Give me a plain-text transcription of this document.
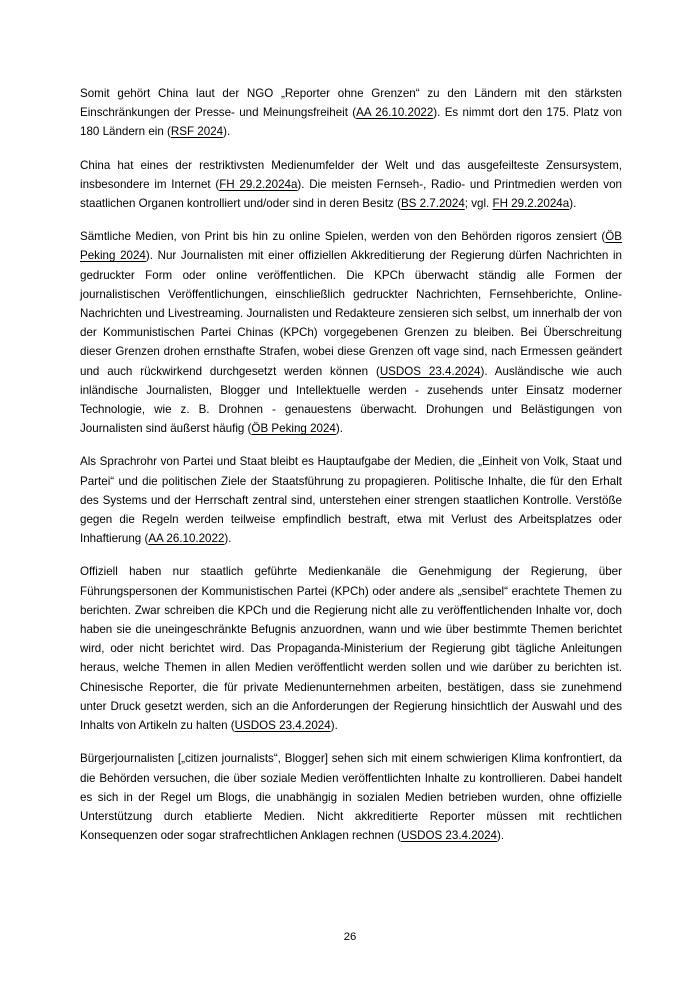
Somit gehört China laut der NGO „Reporter ohne Grenzen“ zu den Ländern mit den stärksten Einschränkungen der Presse- und Meinungsfreiheit (AA 26.10.2022). Es nimmt dort den 175. Platz von 180 Ländern ein (RSF 2024).

China hat eines der restriktivsten Medienumfelder der Welt und das ausgefeilteste Zensursystem, insbesondere im Internet (FH 29.2.2024a). Die meisten Fernseh-, Radio- und Printmedien werden von staatlichen Organen kontrolliert und/oder sind in deren Besitz (BS 2.7.2024; vgl. FH 29.2.2024a).

Sämtliche Medien, von Print bis hin zu online Spielen, werden von den Behörden rigoros zensiert (ÖB Peking 2024). Nur Journalisten mit einer offiziellen Akkreditierung der Regierung dürfen Nachrichten in gedruckter Form oder online veröffentlichen. Die KPCh überwacht ständig alle Formen der journalistischen Veröffentlichungen, einschließlich gedruckter Nachrichten, Fernsehberichte, Online-Nachrichten und Livestreaming. Journalisten und Redakteure zensieren sich selbst, um innerhalb der von der Kommunistischen Partei Chinas (KPCh) vorgegebenen Grenzen zu bleiben. Bei Überschreitung dieser Grenzen drohen ernsthafte Strafen, wobei diese Grenzen oft vage sind, nach Ermessen geändert und auch rückwirkend durchgesetzt werden können (USDOS 23.4.2024). Ausländische wie auch inländische Journalisten, Blogger und Intellektuelle werden - zusehends unter Einsatz moderner Technologie, wie z. B. Drohnen - genauestens überwacht. Drohungen und Belästigungen von Journalisten sind äußerst häufig (ÖB Peking 2024).

Als Sprachrohr von Partei und Staat bleibt es Hauptaufgabe der Medien, die „Einheit von Volk, Staat und Partei“ und die politischen Ziele der Staatsführung zu propagieren. Politische Inhalte, die für den Erhalt des Systems und der Herrschaft zentral sind, unterstehen einer strengen staatlichen Kontrolle. Verstöße gegen die Regeln werden teilweise empfindlich bestraft, etwa mit Verlust des Arbeitsplatzes oder Inhaftierung (AA 26.10.2022).

Offiziell haben nur staatlich geführte Medienkanäle die Genehmigung der Regierung, über Führungspersonen der Kommunistischen Partei (KPCh) oder andere als „sensibel“ erachtete Themen zu berichten. Zwar schreiben die KPCh und die Regierung nicht alle zu veröffentlichenden Inhalte vor, doch haben sie die uneingeschränkte Befugnis anzuordnen, wann und wie über bestimmte Themen berichtet wird, oder nicht berichtet wird. Das Propaganda-Ministerium der Regierung gibt tägliche Anleitungen heraus, welche Themen in allen Medien veröffentlicht werden sollen und wie darüber zu berichten ist. Chinesische Reporter, die für private Medienunternehmen arbeiten, bestätigen, dass sie zunehmend unter Druck gesetzt werden, sich an die Anforderungen der Regierung hinsichtlich der Auswahl und des Inhalts von Artikeln zu halten (USDOS 23.4.2024).

Bürgerjournalisten [„citizen journalists“, Blogger] sehen sich mit einem schwierigen Klima konfrontiert, da die Behörden versuchen, die über soziale Medien veröffentlichten Inhalte zu kontrollieren. Dabei handelt es sich in der Regel um Blogs, die unabhängig in sozialen Medien betrieben wurden, ohne offizielle Unterstützung durch etablierte Medien. Nicht akkreditierte Reporter müssen mit rechtlichen Konsequenzen oder sogar strafrechtlichen Anklagen rechnen (USDOS 23.4.2024).

26
